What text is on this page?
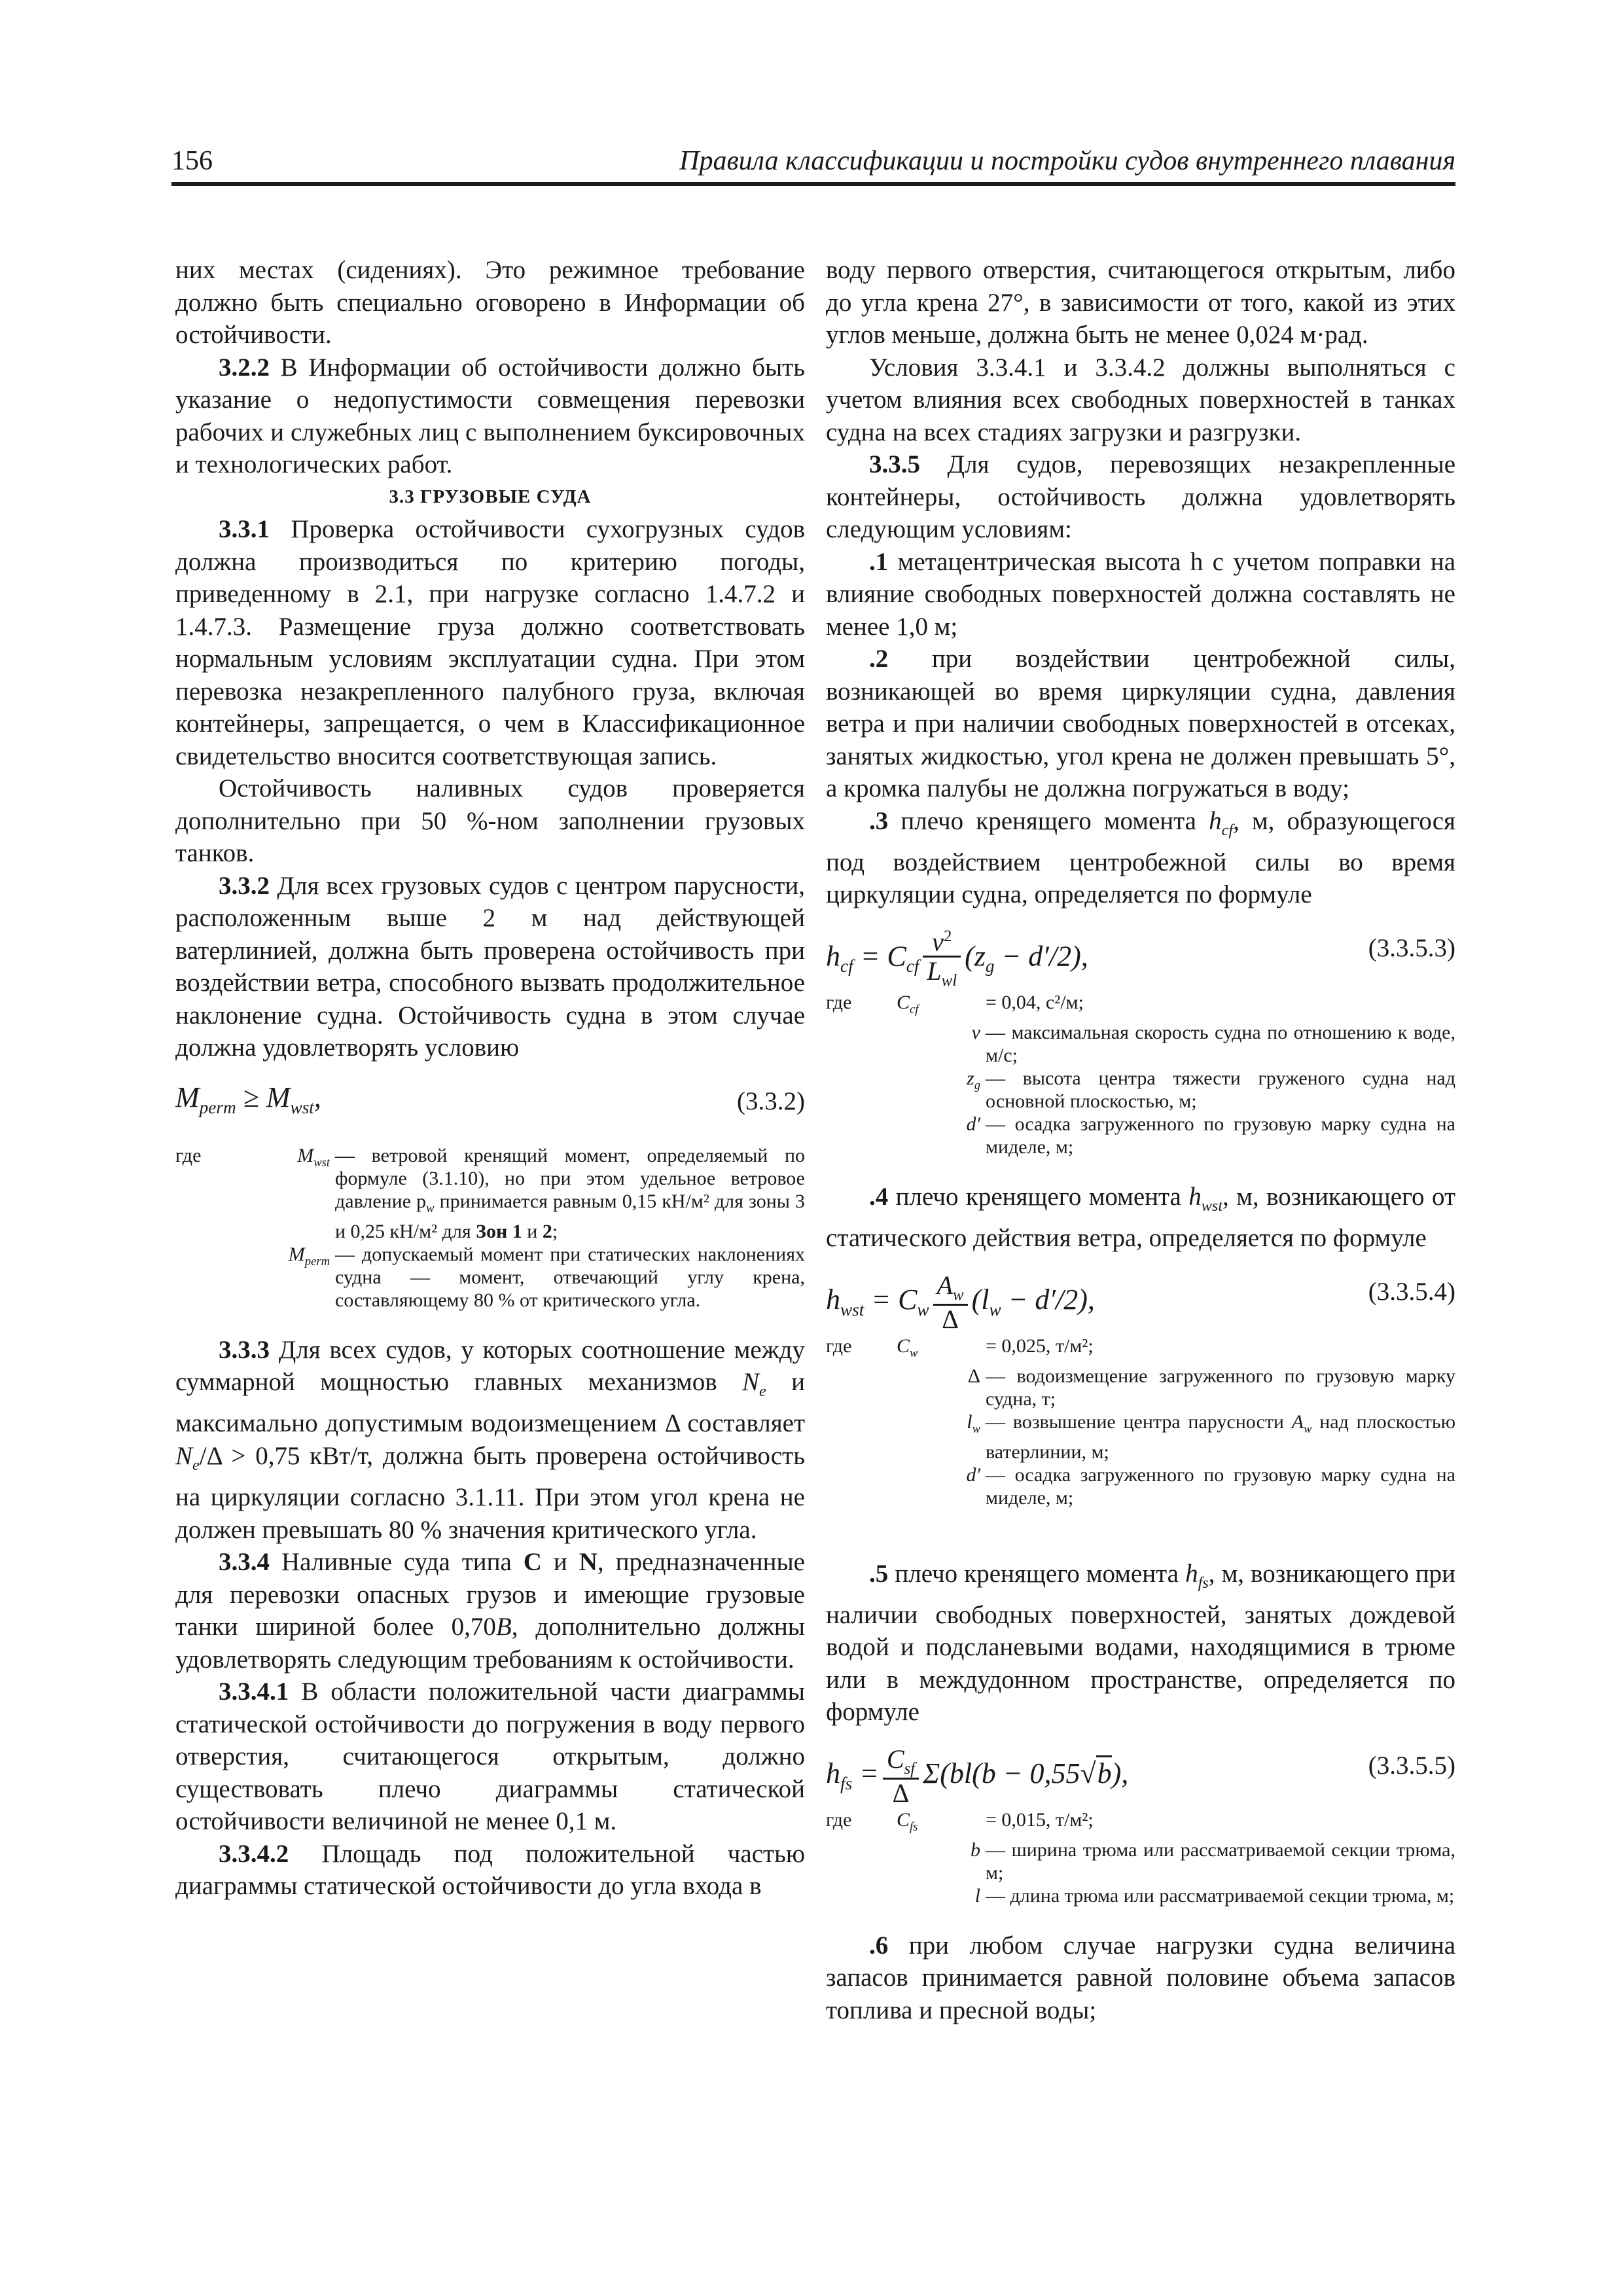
156	Правила классификации и постройки судов внутреннего плавания

них местах (сидениях). Это режимное требование должно быть специально оговорено в Информации об остойчивости.

3.2.2 В Информации об остойчивости должно быть указание о недопустимости совмещения перевозки рабочих и служебных лиц с выполнением буксировочных и технологических работ.

3.3 ГРУЗОВЫЕ СУДА

3.3.1 Проверка остойчивости сухогрузных судов должна производиться по критерию погоды, приведенному в 2.1, при нагрузке согласно 1.4.7.2 и 1.4.7.3. Размещение груза должно соответствовать нормальным условиям эксплуатации судна. При этом перевозка незакрепленного палубного груза, включая контейнеры, запрещается, о чем в Классификационное свидетельство вносится соответствующая запись.

Остойчивость наливных судов проверяется дополнительно при 50 %-ном заполнении грузовых танков.

3.3.2 Для всех грузовых судов с центром парусности, расположенным выше 2 м над действующей ватерлинией, должна быть проверена остойчивость при воздействии ветра, способного вызвать продолжительное наклонение судна. Остойчивость судна в этом случае должна удовлетворять условию

$M_{perm} \ge M_{wst}$,	(3.3.2)
где	$M_{wst}$ — ветровой кренящий момент, определяемый по формуле (3.1.10), но при этом удельное ветровое давление $p_w$ принимается равным 0,15 кН/м² для зоны 3 и 0,25 кН/м² для Зон 1 и 2;
$M_{perm}$ — допускаемый момент при статических наклонениях судна — момент, отвечающий углу крена, составляющему 80 % от критического угла.

3.3.3 Для всех судов, у которых соотношение между суммарной мощностью главных механизмов $N_e$ и максимально допустимым водоизмещением Δ составляет $N_e/\Delta > 0,75$ кВт/т, должна быть проверена остойчивость на циркуляции согласно 3.1.11. При этом угол крена не должен превышать 80 % значения критического угла.

3.3.4 Наливные суда типа C и N, предназначенные для перевозки опасных грузов и имеющие грузовые танки шириной более 0,70B, дополнительно должны удовлетворять следующим требованиям к остойчивости.

3.3.4.1 В области положительной части диаграммы статической остойчивости до погружения в воду первого отверстия, считающегося открытым, должно существовать плечо диаграммы статической остойчивости величиной не менее 0,1 м.

3.3.4.2 Площадь под положительной частью диаграммы статической остойчивости до угла входа в

воду первого отверстия, считающегося открытым, либо до угла крена 27°, в зависимости от того, какой из этих углов меньше, должна быть не менее 0,024 м·рад.

Условия 3.3.4.1 и 3.3.4.2 должны выполняться с учетом влияния всех свободных поверхностей в танках судна на всех стадиях загрузки и разгрузки.

3.3.5 Для судов, перевозящих незакрепленные контейнеры, остойчивость должна удовлетворять следующим условиям:

.1 метацентрическая высота h с учетом поправки на влияние свободных поверхностей должна составлять не менее 1,0 м;

.2 при воздействии центробежной силы, возникающей во время циркуляции судна, давления ветра и при наличии свободных поверхностей в отсеках, занятых жидкостью, угол крена не должен превышать 5°, а кромка палубы не должна погружаться в воду;

.3 плечо кренящего момента $h_{cf}$, м, образующегося под воздействием центробежной силы во время циркуляции судна, определяется по формуле

$h_{cf} = C_{cf} \frac{v^2}{L_{wl}} (z_g - d'/2)$,	(3.3.5.3)
где	$C_{cf}$	= 0,04, с²/м;
v — максимальная скорость судна по отношению к воде, м/с;
$z_g$ — высота центра тяжести груженого судна над основной плоскостью, м;
d′ — осадка загруженного по грузовую марку судна на миделе, м;

.4 плечо кренящего момента $h_{wst}$, м, возникающего от статического действия ветра, определяется по формуле

$h_{wst} = C_w \frac{A_w}{\Delta} (l_w - d'/2)$,	(3.3.5.4)
где	$C_w$	= 0,025, т/м²;
Δ — водоизмещение загруженного по грузовую марку судна, т;
$l_w$ — возвышение центра парусности $A_w$ над плоскостью ватерлинии, м;
d′ — осадка загруженного по грузовую марку судна на миделе, м;

.5 плечо кренящего момента $h_{fs}$, м, возникающего при наличии свободных поверхностей, занятых дождевой водой и подсланевыми водами, находящимися в трюме или в междудонном пространстве, определяется по формуле

$h_{fs} = \frac{C_{sf}}{\Delta} \Sigma(bl(b - 0,55√b)$,	(3.3.5.5)
где	$C_{fs}$	= 0,015, т/м²;
b — ширина трюма или рассматриваемой секции трюма, м;
l — длина трюма или рассматриваемой секции трюма, м;

.6 при любом случае нагрузки судна величина запасов принимается равной половине объема запасов топлива и пресной воды;
